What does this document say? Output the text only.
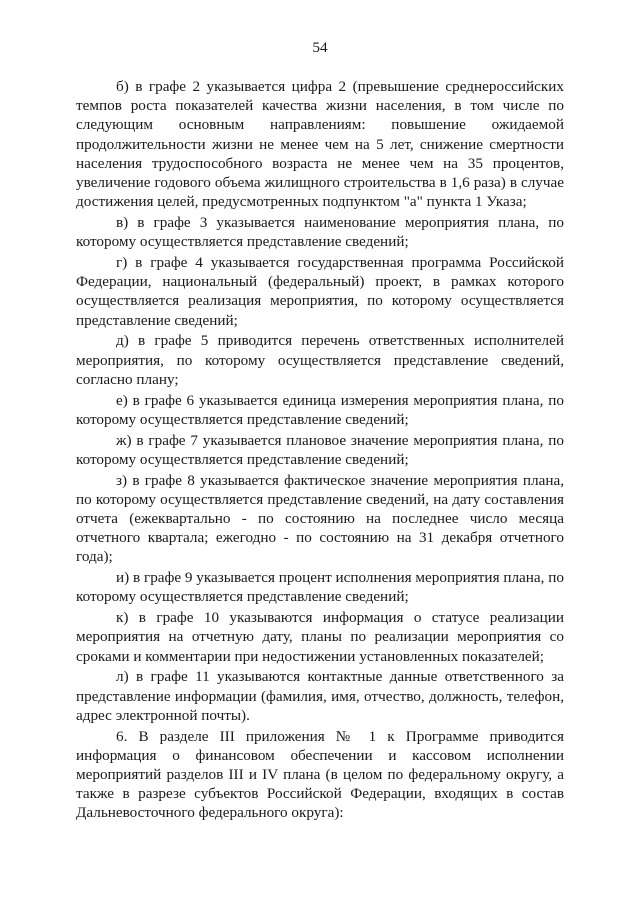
54

б) в графе 2 указывается цифра 2 (превышение среднероссийских темпов роста показателей качества жизни населения, в том числе по следующим основным направлениям: повышение ожидаемой продолжительности жизни не менее чем на 5 лет, снижение смертности населения трудоспособного возраста не менее чем на 35 процентов, увеличение годового объема жилищного строительства в 1,6 раза) в случае достижения целей, предусмотренных подпунктом "а" пункта 1 Указа;

в) в графе 3 указывается наименование мероприятия плана, по которому осуществляется представление сведений;

г) в графе 4 указывается государственная программа Российской Федерации, национальный (федеральный) проект, в рамках которого осуществляется реализация мероприятия, по которому осуществляется представление сведений;

д) в графе 5 приводится перечень ответственных исполнителей мероприятия, по которому осуществляется представление сведений, согласно плану;

е) в графе 6 указывается единица измерения мероприятия плана, по которому осуществляется представление сведений;

ж) в графе 7 указывается плановое значение мероприятия плана, по которому осуществляется представление сведений;

з) в графе 8 указывается фактическое значение мероприятия плана, по которому осуществляется представление сведений, на дату составления отчета (ежеквартально - по состоянию на последнее число месяца отчетного квартала; ежегодно - по состоянию на 31 декабря отчетного года);

и) в графе 9 указывается процент исполнения мероприятия плана, по которому осуществляется представление сведений;

к) в графе 10 указываются информация о статусе реализации мероприятия на отчетную дату, планы по реализации мероприятия со сроками и комментарии при недостижении установленных показателей;

л) в графе 11 указываются контактные данные ответственного за представление информации (фамилия, имя, отчество, должность, телефон, адрес электронной почты).

6. В разделе III приложения № 1 к Программе приводится информация о финансовом обеспечении и кассовом исполнении мероприятий разделов III и IV плана (в целом по федеральному округу, а также в разрезе субъектов Российской Федерации, входящих в состав Дальневосточного федерального округа):
